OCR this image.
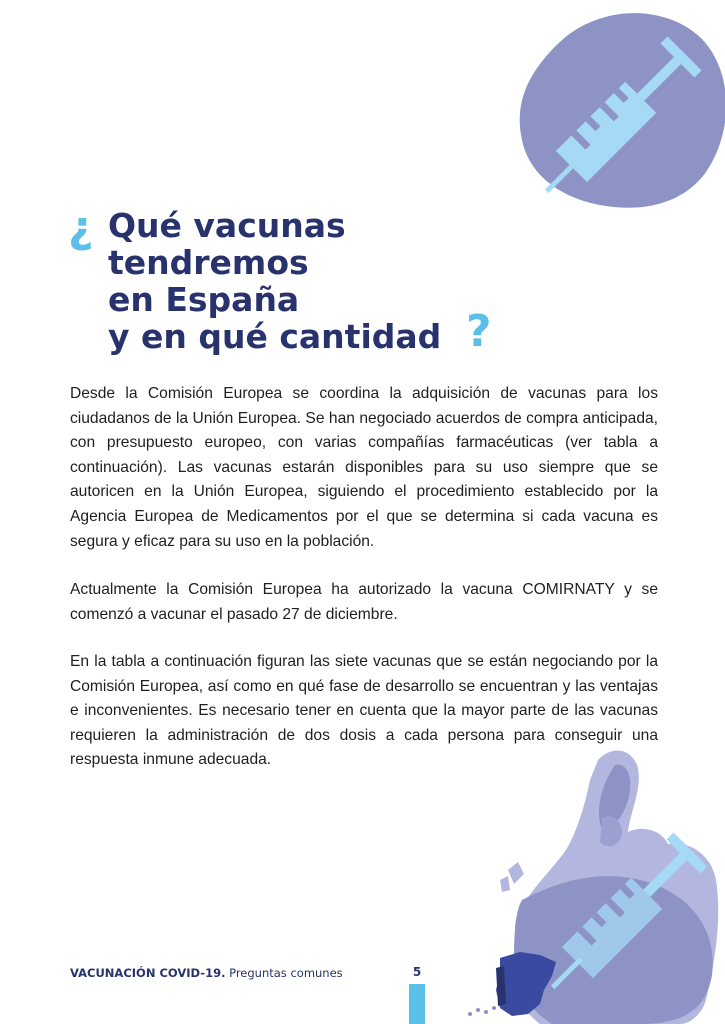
¿ Qué vacunas
tendremos
en España
y en qué cantidad ?

Desde la Comisión Europea se coordina la adquisición de vacunas para los ciudadanos de la Unión Europea. Se han negociado acuerdos de compra anticipada, con presupuesto europeo, con varias compañías farmacéuticas (ver tabla a continuación). Las vacunas estarán disponibles para su uso siempre que se autoricen en la Unión Europea, siguiendo el procedimiento establecido por la Agencia Europea de Medicamentos por el que se determina si cada vacuna es segura y eficaz para su uso en la población.

Actualmente la Comisión Europea ha autorizado la vacuna COMIRNATY y se comenzó a vacunar el pasado 27 de diciembre.

En la tabla a continuación figuran las siete vacunas que se están negociando por la Comisión Europea, así como en qué fase de desarrollo se encuentran y las ventajas e inconvenientes. Es necesario tener en cuenta que la mayor parte de las vacunas requieren la administración de dos dosis a cada persona para conseguir una respuesta inmune adecuada.

VACUNACIÓN COVID-19. Preguntas comunes	5
